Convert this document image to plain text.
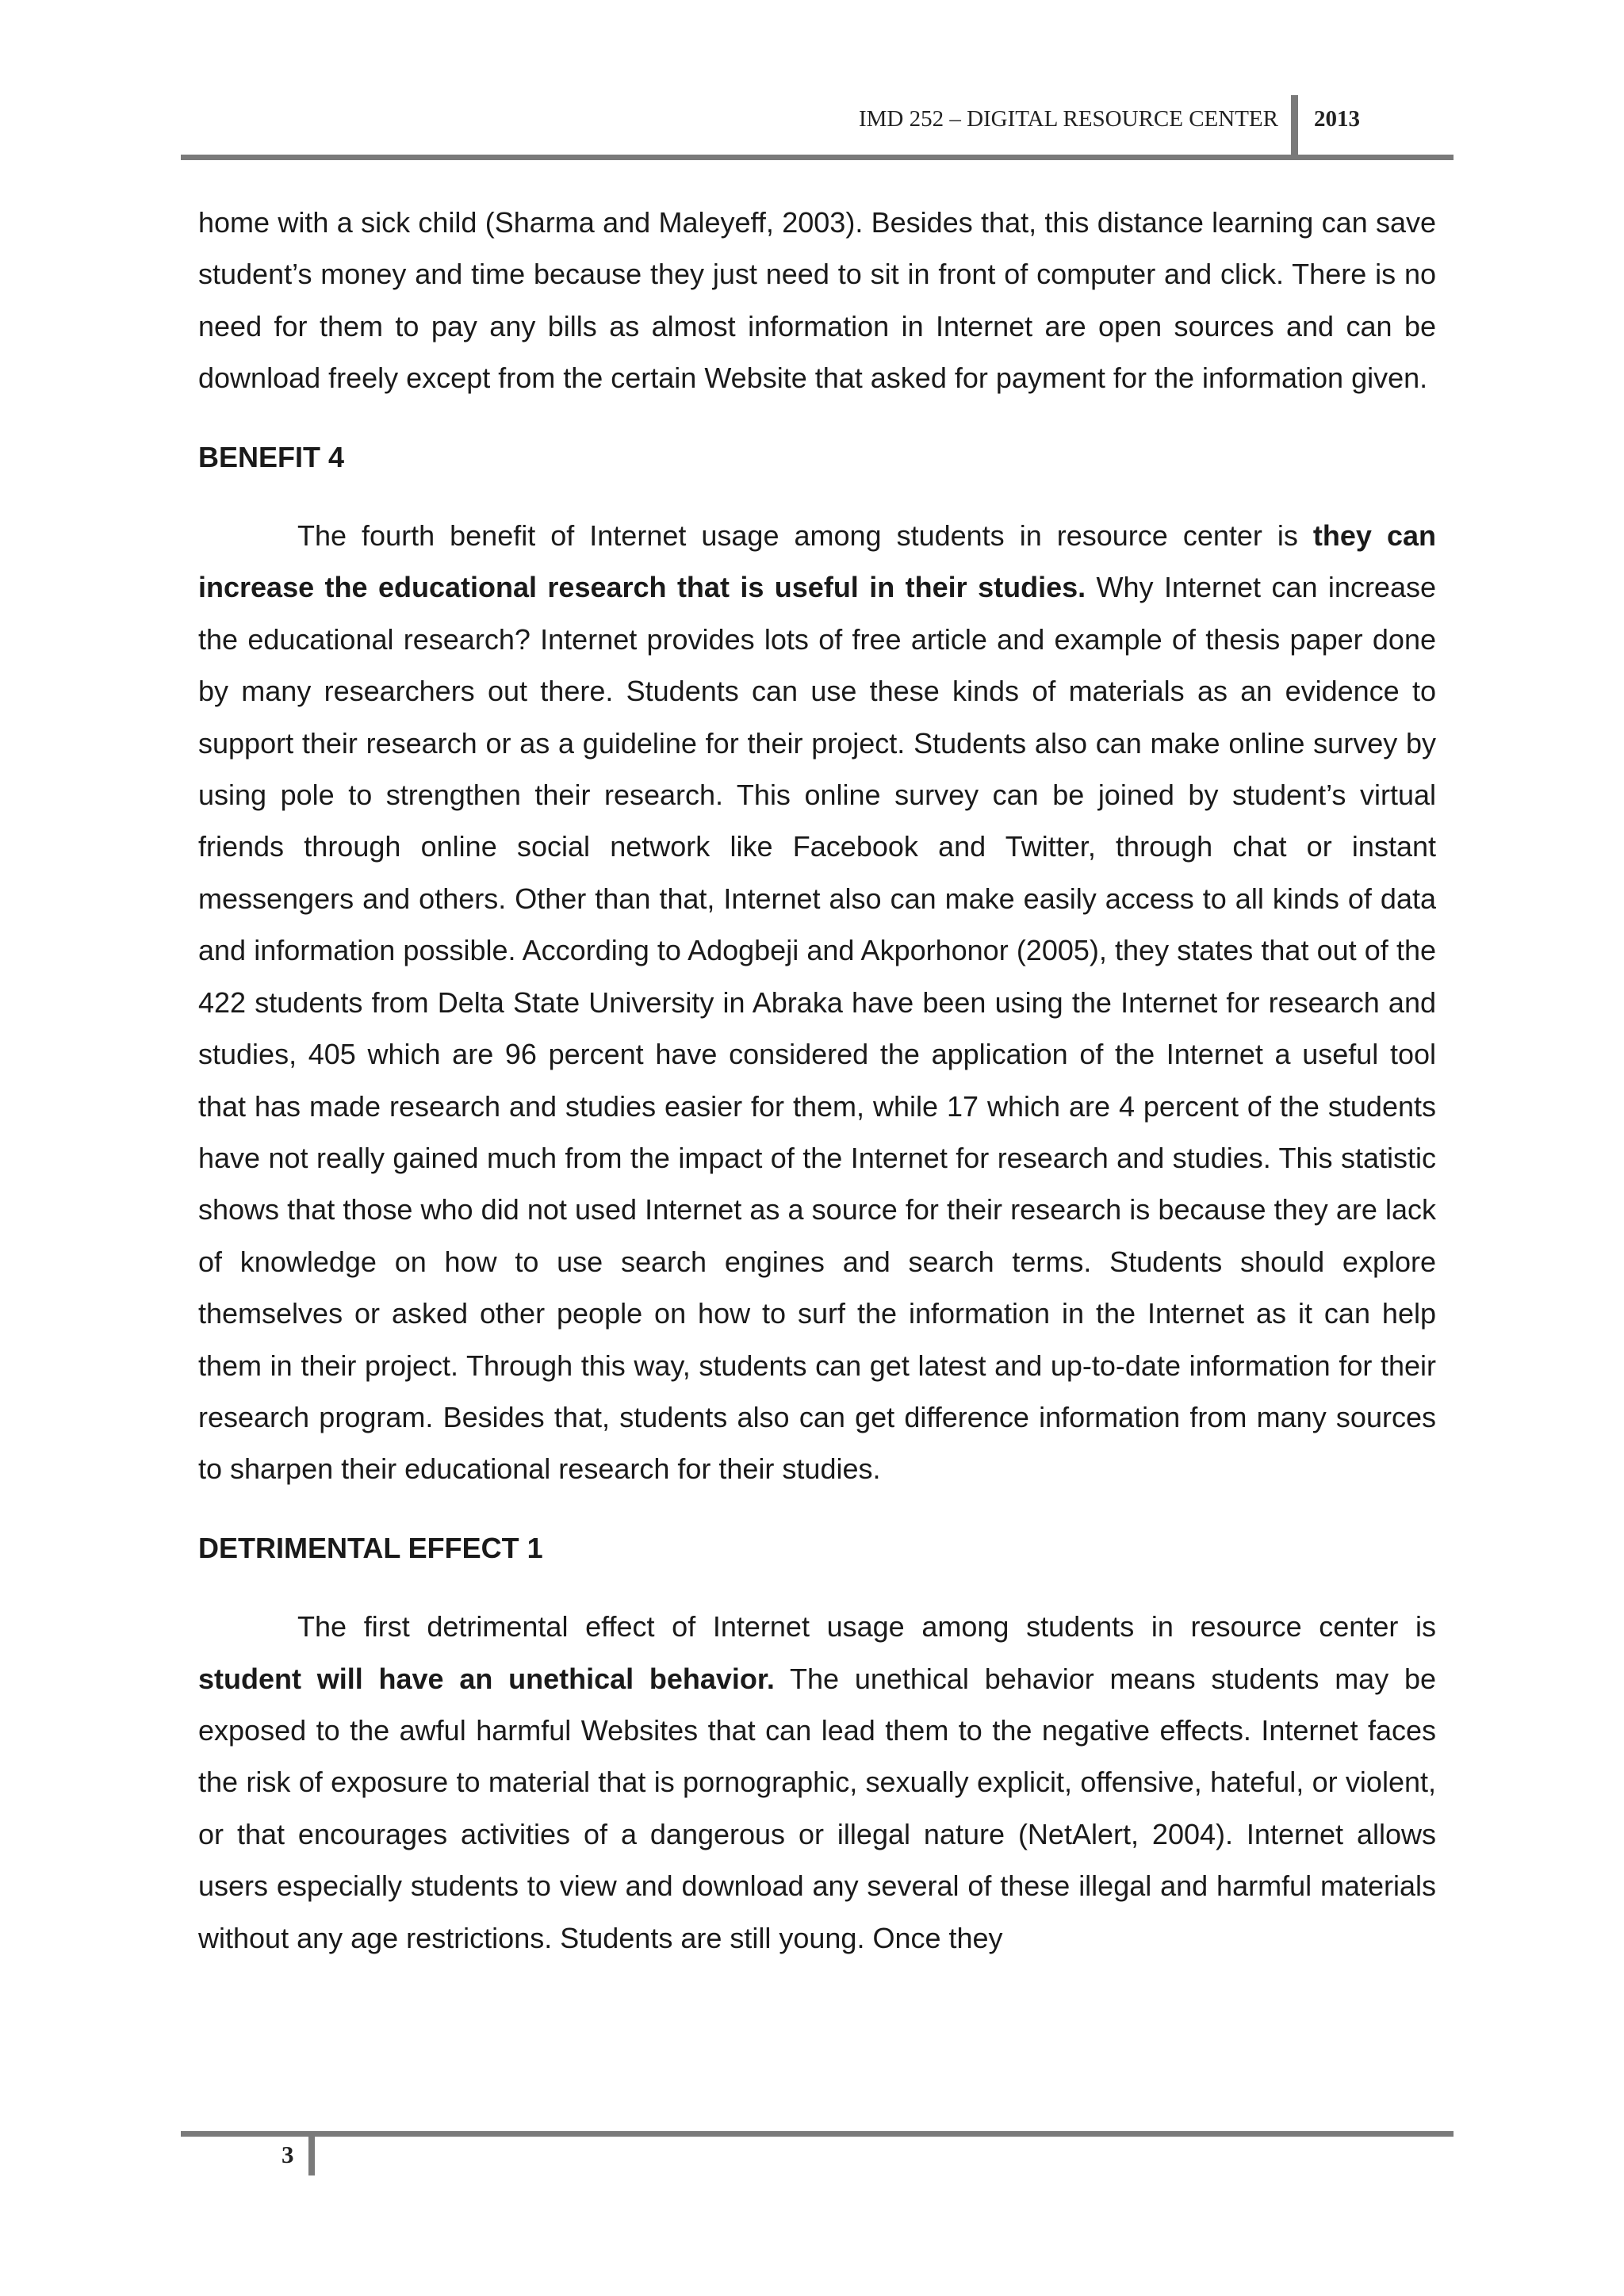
IMD 252 – DIGITAL RESOURCE CENTER 2013

home with a sick child (Sharma and Maleyeff, 2003). Besides that, this distance learning can save student’s money and time because they just need to sit in front of computer and click. There is no need for them to pay any bills as almost information in Internet are open sources and can be download freely except from the certain Website that asked for payment for the information given.

BENEFIT 4

The fourth benefit of Internet usage among students in resource center is they can increase the educational research that is useful in their studies. Why Internet can increase the educational research? Internet provides lots of free article and example of thesis paper done by many researchers out there. Students can use these kinds of materials as an evidence to support their research or as a guideline for their project. Students also can make online survey by using pole to strengthen their research. This online survey can be joined by student’s virtual friends through online social network like Facebook and Twitter, through chat or instant messengers and others. Other than that, Internet also can make easily access to all kinds of data and information possible. According to Adogbeji and Akporhonor (2005), they states that out of the 422 students from Delta State University in Abraka have been using the Internet for research and studies, 405 which are 96 percent have considered the application of the Internet a useful tool that has made research and studies easier for them, while 17 which are 4 percent of the students have not really gained much from the impact of the Internet for research and studies. This statistic shows that those who did not used Internet as a source for their research is because they are lack of knowledge on how to use search engines and search terms. Students should explore themselves or asked other people on how to surf the information in the Internet as it can help them in their project. Through this way, students can get latest and up-to-date information for their research program. Besides that, students also can get difference information from many sources to sharpen their educational research for their studies.

DETRIMENTAL EFFECT 1

The first detrimental effect of Internet usage among students in resource center is student will have an unethical behavior. The unethical behavior means students may be exposed to the awful harmful Websites that can lead them to the negative effects. Internet faces the risk of exposure to material that is pornographic, sexually explicit, offensive, hateful, or violent, or that encourages activities of a dangerous or illegal nature (NetAlert, 2004). Internet allows users especially students to view and download any several of these illegal and harmful materials without any age restrictions. Students are still young. Once they

3
